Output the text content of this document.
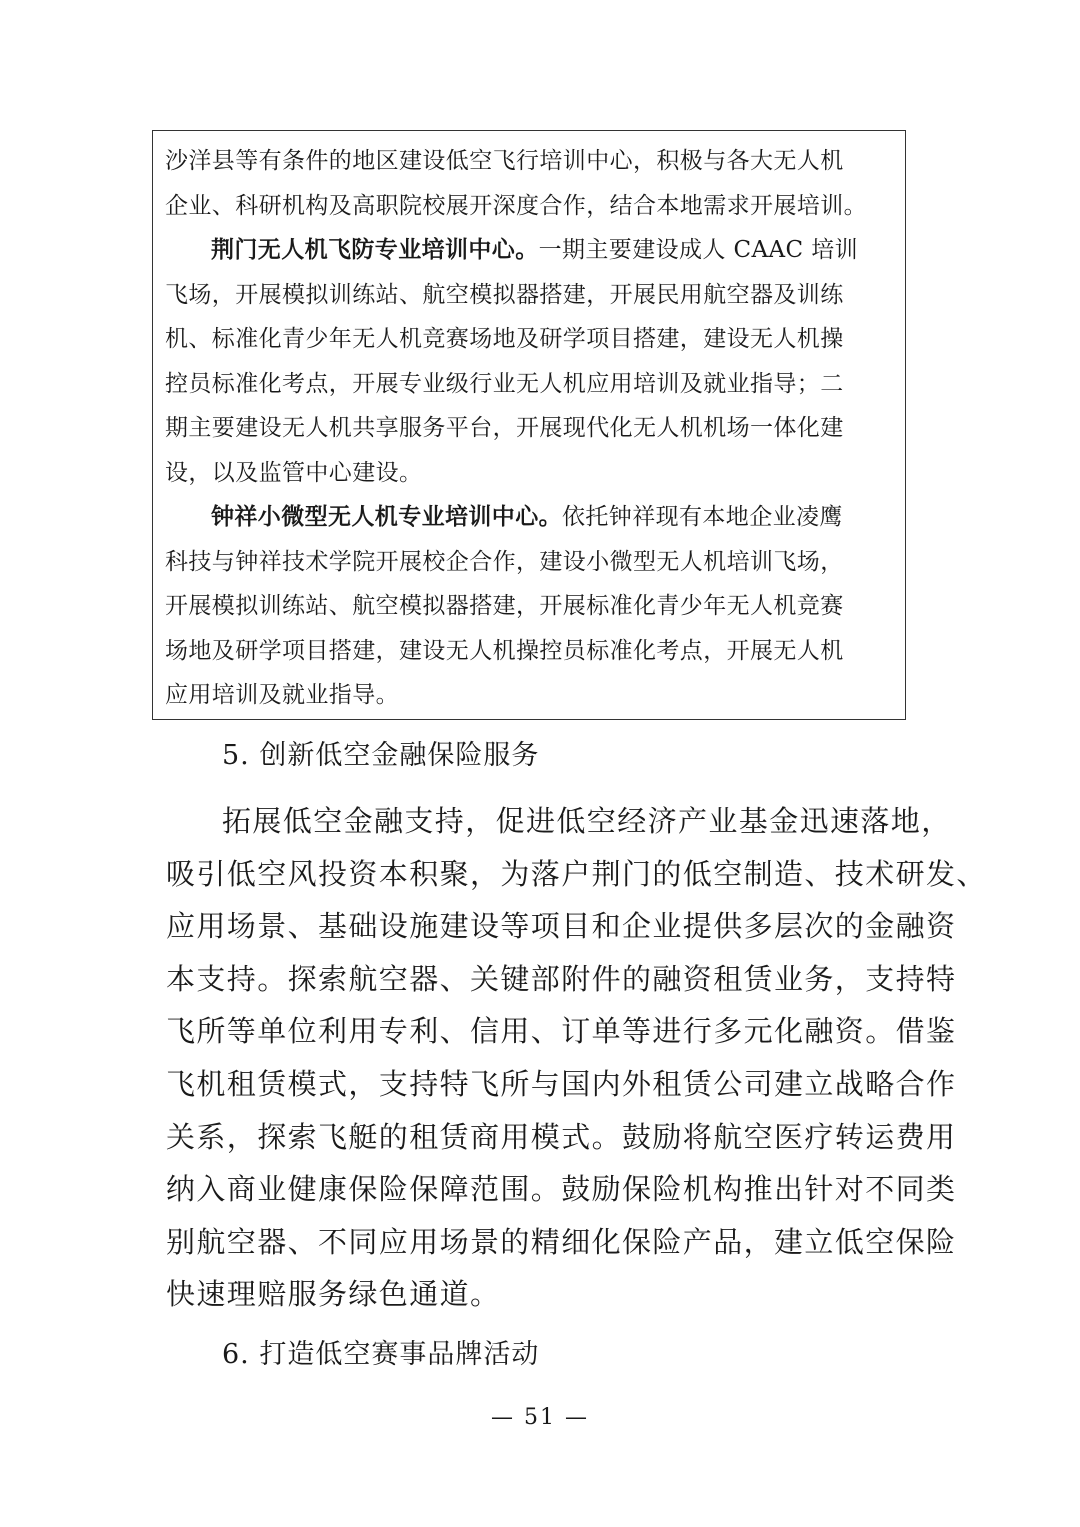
沙洋县等有条件的地区建设低空飞行培训中心，积极与各大无人机
企业、科研机构及高职院校展开深度合作，结合本地需求开展培训。
荆门无人机飞防专业培训中心。一期主要建设成人 CAAC 培训
飞场，开展模拟训练站、航空模拟器搭建，开展民用航空器及训练
机、标准化青少年无人机竞赛场地及研学项目搭建，建设无人机操
控员标准化考点，开展专业级行业无人机应用培训及就业指导；二
期主要建设无人机共享服务平台，开展现代化无人机机场一体化建
设，以及监管中心建设。
钟祥小微型无人机专业培训中心。依托钟祥现有本地企业凌鹰
科技与钟祥技术学院开展校企合作，建设小微型无人机培训飞场，
开展模拟训练站、航空模拟器搭建，开展标准化青少年无人机竞赛
场地及研学项目搭建，建设无人机操控员标准化考点，开展无人机
应用培训及就业指导。
5. 创新低空金融保险服务
拓展低空金融支持，促进低空经济产业基金迅速落地，
吸引低空风投资本积聚，为落户荆门的低空制造、技术研发、
应用场景、基础设施建设等项目和企业提供多层次的金融资
本支持。探索航空器、关键部附件的融资租赁业务，支持特
飞所等单位利用专利、信用、订单等进行多元化融资。借鉴
飞机租赁模式，支持特飞所与国内外租赁公司建立战略合作
关系，探索飞艇的租赁商用模式。鼓励将航空医疗转运费用
纳入商业健康保险保障范围。鼓励保险机构推出针对不同类
别航空器、不同应用场景的精细化保险产品，建立低空保险
快速理赔服务绿色通道。
6. 打造低空赛事品牌活动
— 51 —
